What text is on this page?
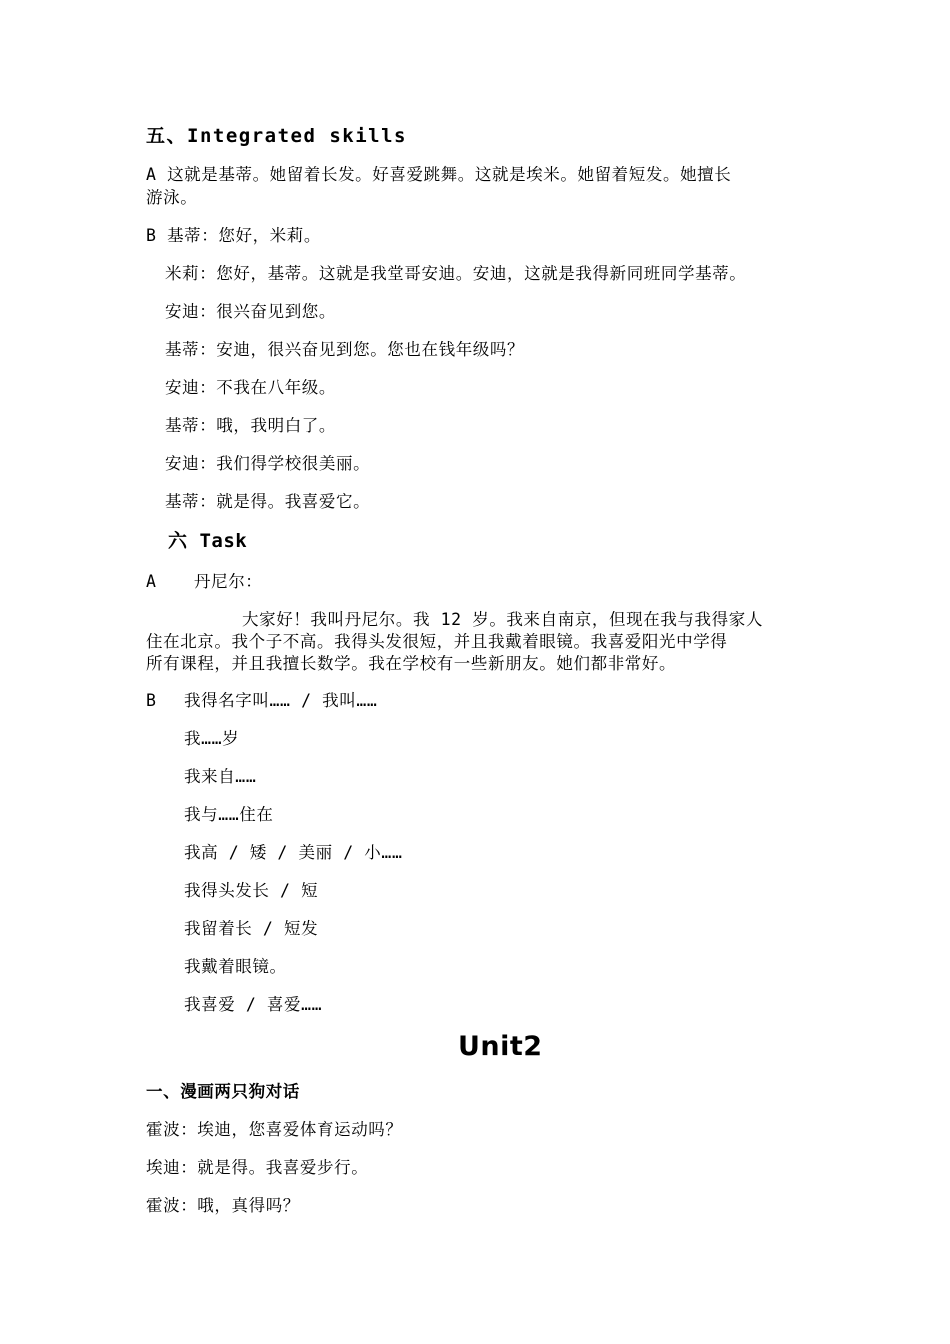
五、Integrated skills
A 这就是基蒂。她留着长发。好喜爱跳舞。这就是埃米。她留着短发。她擅长
游泳。
B 基蒂：您好，米莉。
米莉：您好，基蒂。这就是我堂哥安迪。安迪，这就是我得新同班同学基蒂。
安迪：很兴奋见到您。
基蒂：安迪，很兴奋见到您。您也在钱年级吗？
安迪：不我在八年级。
基蒂：哦，我明白了。
安迪：我们得学校很美丽。
基蒂：就是得。我喜爱它。
六 Task
A 丹尼尔：
大家好！我叫丹尼尔。我 12 岁。我来自南京，但现在我与我得家人
住在北京。我个子不高。我得头发很短，并且我戴着眼镜。我喜爱阳光中学得
所有课程，并且我擅长数学。我在学校有一些新朋友。她们都非常好。
B 我得名字叫…… / 我叫……
我……岁
我来自……
我与……住在
我高 / 矮 / 美丽 / 小……
我得头发长 / 短
我留着长 / 短发
我戴着眼镜。
我喜爱 / 喜爱……
Unit2
一、漫画两只狗对话
霍波：埃迪，您喜爱体育运动吗？
埃迪：就是得。我喜爱步行。
霍波：哦，真得吗？
